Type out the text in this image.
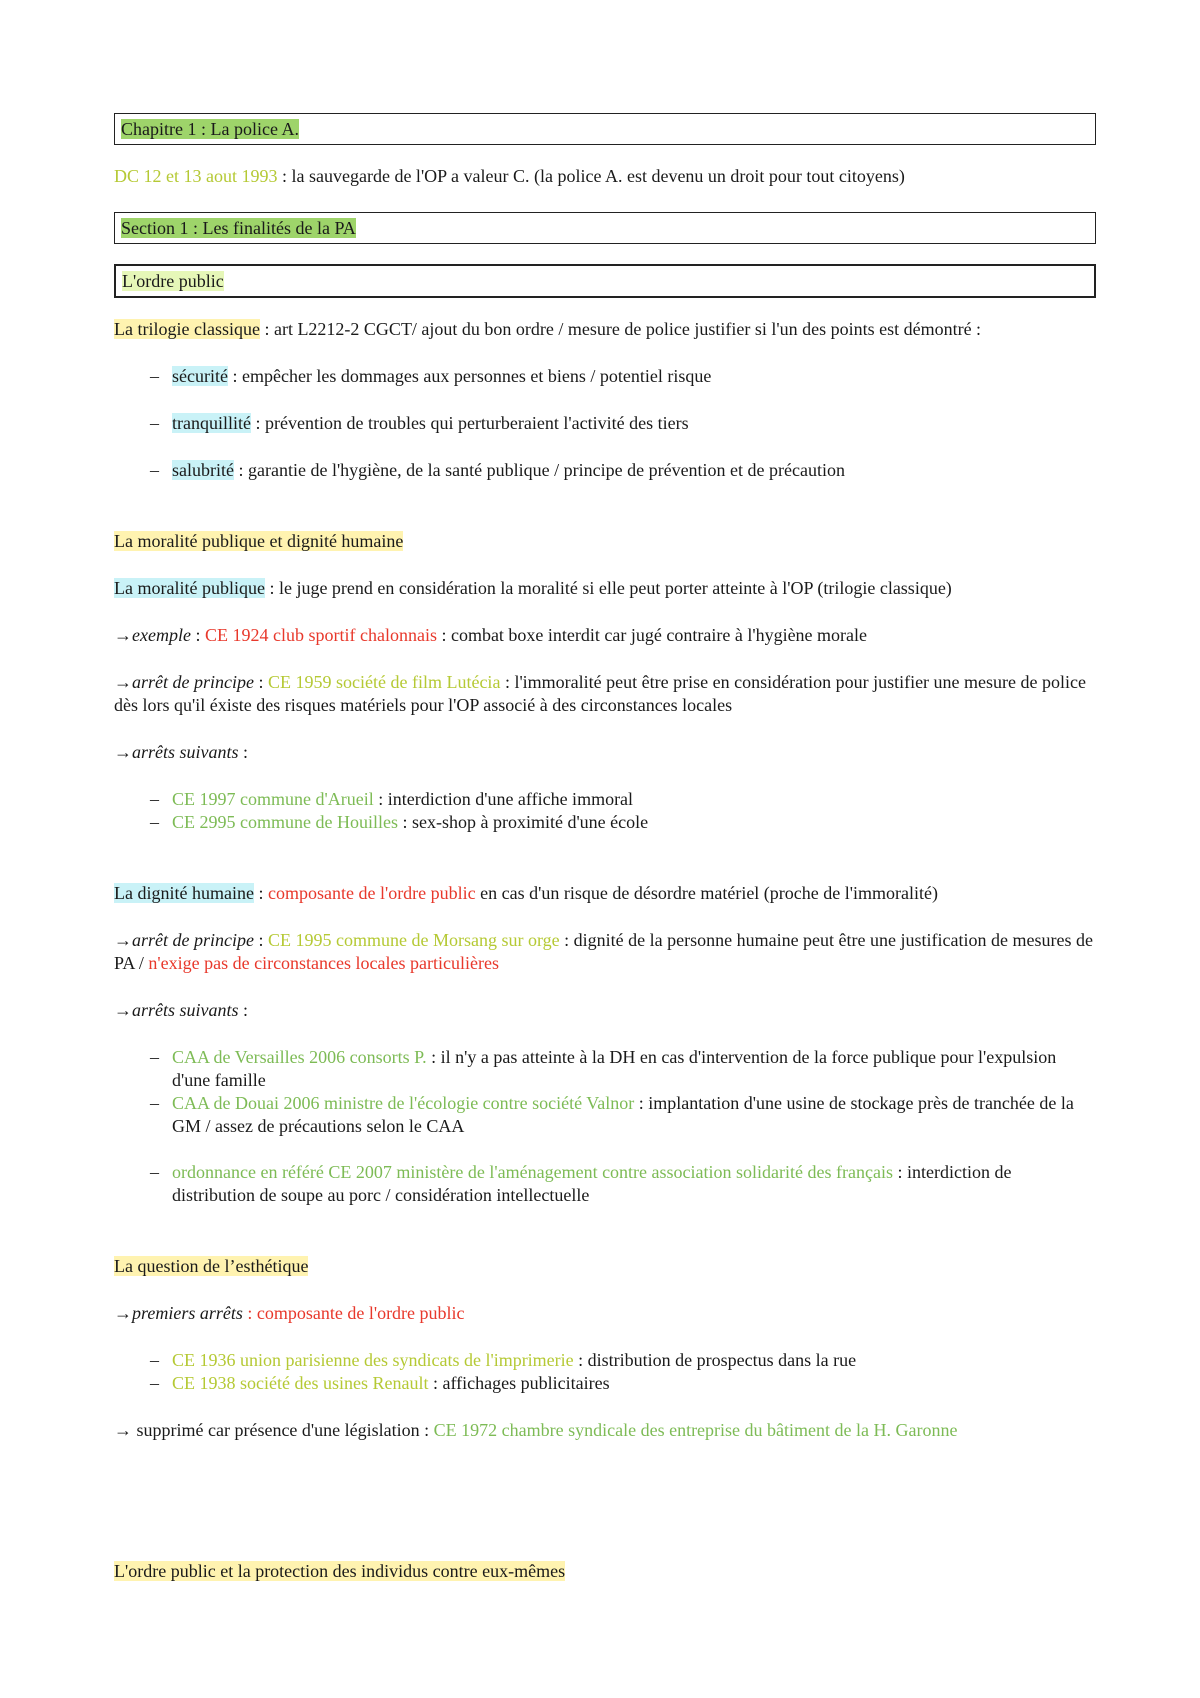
Chapitre 1 : La police A.
DC 12 et 13 aout 1993 : la sauvegarde de l'OP a valeur C. (la police A. est devenu un droit pour tout citoyens)
Section 1 : Les finalités de la PA
L'ordre public
La trilogie classique : art L2212-2 CGCT/ ajout du bon ordre / mesure de police justifier si l'un des points est démontré :
– sécurité : empêcher les dommages aux personnes et biens / potentiel risque
– tranquillité : prévention de troubles qui perturberaient l'activité des tiers
– salubrité : garantie de l'hygiène, de la santé publique / principe de prévention et de précaution
La moralité publique et dignité humaine
La moralité publique : le juge prend en considération la moralité si elle peut porter atteinte à l'OP (trilogie classique)
→exemple : CE 1924 club sportif chalonnais : combat boxe interdit car jugé contraire à l'hygiène morale
→arrêt de principe : CE 1959 société de film Lutécia : l'immoralité peut être prise en considération pour justifier une mesure de police dès lors qu'il éxiste des risques matériels pour l'OP associé à des circonstances locales
→arrêts suivants :
– CE 1997 commune d'Arueil : interdiction d'une affiche immoral
– CE 2995 commune de Houilles : sex-shop à proximité d'une école
La dignité humaine : composante de l'ordre public en cas d'un risque de désordre matériel (proche de l'immoralité)
→arrêt de principe : CE 1995 commune de Morsang sur orge : dignité de la personne humaine peut être une justification de mesures de PA / n'exige pas de circonstances locales particulières
→arrêts suivants :
– CAA de Versailles 2006 consorts P. : il n'y a pas atteinte à la DH en cas d'intervention de la force publique pour l'expulsion d'une famille
– CAA de Douai 2006 ministre de l'écologie contre société Valnor : implantation d'une usine de stockage près de tranchée de la GM / assez de précautions selon le CAA
– ordonnance en référé CE 2007 ministère de l'aménagement contre association solidarité des français : interdiction de distribution de soupe au porc / considération intellectuelle
La question de l’esthétique
→premiers arrêts : composante de l'ordre public
– CE 1936 union parisienne des syndicats de l'imprimerie : distribution de prospectus dans la rue
– CE 1938 société des usines Renault : affichages publicitaires
→ supprimé car présence d'une législation : CE 1972 chambre syndicale des entreprise du bâtiment de la H. Garonne
L'ordre public et la protection des individus contre eux-mêmes
